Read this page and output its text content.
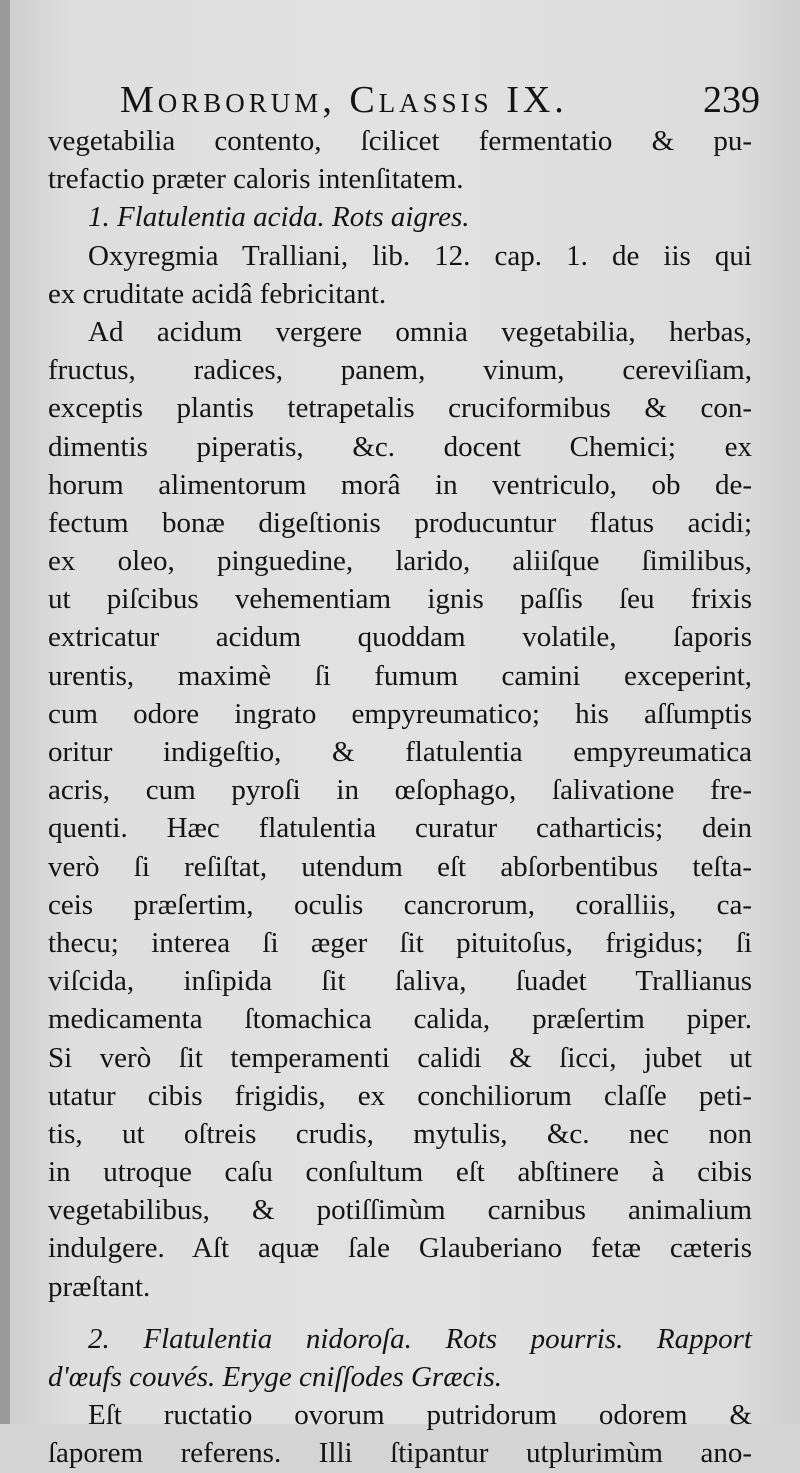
Morborum, Classis IX.	239
vegetabilia contento, ſcilicet fermentatio & pu-
trefactio præter caloris intenſitatem.
1. Flatulentia acida. Rots aigres.
Oxyregmia Tralliani, lib. 12. cap. 1. de iis qui
ex cruditate acidâ febricitant.
Ad acidum vergere omnia vegetabilia, herbas,
fructus, radices, panem, vinum, cereviſiam,
exceptis plantis tetrapetalis cruciformibus & con-
dimentis piperatis, &c. docent Chemici; ex
horum alimentorum morâ in ventriculo, ob de-
fectum bonæ digeſtionis producuntur flatus acidi;
ex oleo, pinguedine, larido, aliiſque ſimilibus,
ut piſcibus vehementiam ignis paſſis ſeu frixis
extricatur acidum quoddam volatile, ſaporis
urentis, maximè ſi fumum camini exceperint,
cum odore ingrato empyreumatico; his aſſumptis
oritur indigeſtio, & flatulentia empyreumatica
acris, cum pyroſi in œſophago, ſalivatione fre-
quenti. Hæc flatulentia curatur catharticis; dein
verò ſi reſiſtat, utendum eſt abſorbentibus teſta-
ceis præſertim, oculis cancrorum, coralliis, ca-
thecu; interea ſi æger ſit pituitoſus, frigidus; ſi
viſcida, inſipida ſit ſaliva, ſuadet Trallianus
medicamenta ſtomachica calida, præſertim piper.
Si verò ſit temperamenti calidi & ſicci, jubet ut
utatur cibis frigidis, ex conchiliorum claſſe peti-
tis, ut oſtreis crudis, mytulis, &c. nec non
in utroque caſu conſultum eſt abſtinere à cibis
vegetabilibus, & potiſſimùm carnibus animalium
indulgere. Aſt aquæ ſale Glauberiano fetæ cæteris
præſtant.
2. Flatulentia nidoroſa. Rots pourris. Rapport
d'œufs couvés. Eryge cniſſodes Græcis.
Eſt ructatio ovorum putridorum odorem &
ſaporem referens. Illi ſtipantur utplurimùm ano-
